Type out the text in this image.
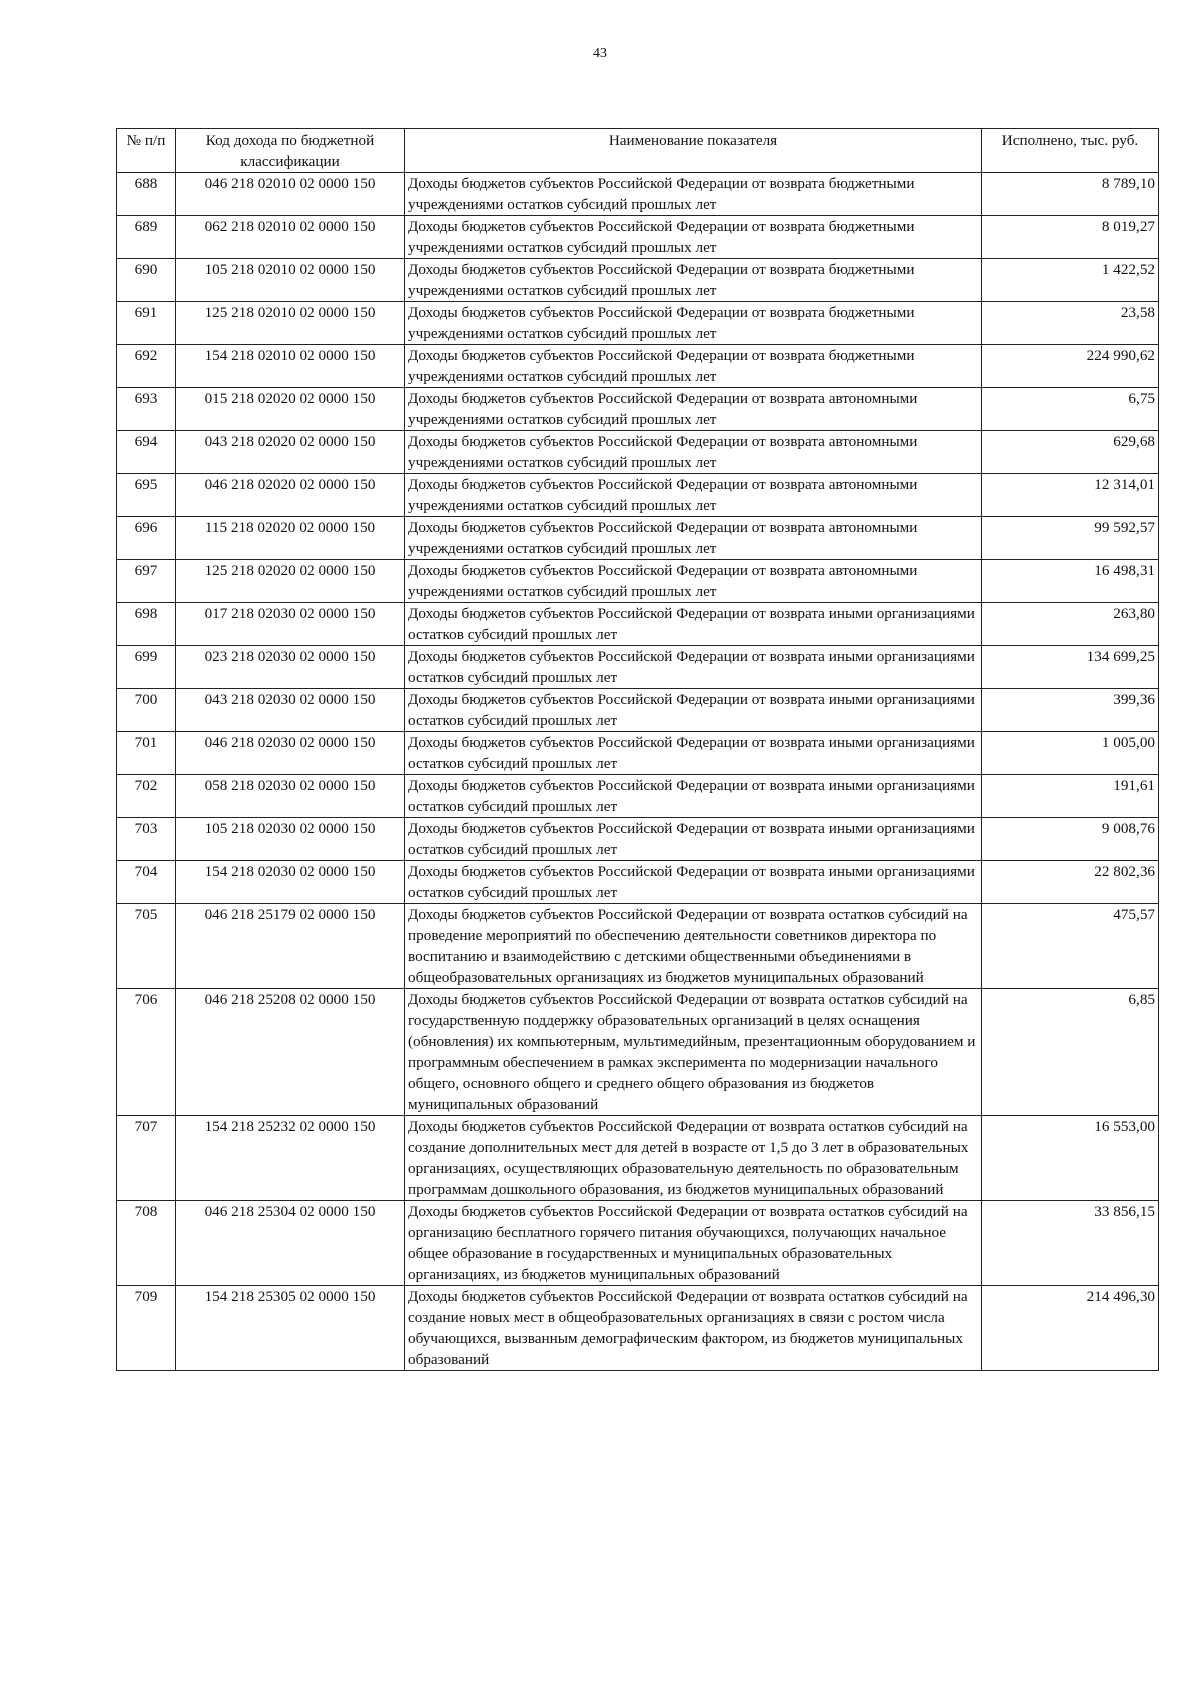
43
№ п/п	Код дохода по бюджетной классификации	Наименование показателя	Исполнено, тыс. руб.
688	046 218 02010 02 0000 150	Доходы бюджетов субъектов Российской Федерации от возврата бюджетными учреждениями остатков субсидий прошлых лет	8 789,10
689	062 218 02010 02 0000 150	Доходы бюджетов субъектов Российской Федерации от возврата бюджетными учреждениями остатков субсидий прошлых лет	8 019,27
690	105 218 02010 02 0000 150	Доходы бюджетов субъектов Российской Федерации от возврата бюджетными учреждениями остатков субсидий прошлых лет	1 422,52
691	125 218 02010 02 0000 150	Доходы бюджетов субъектов Российской Федерации от возврата бюджетными учреждениями остатков субсидий прошлых лет	23,58
692	154 218 02010 02 0000 150	Доходы бюджетов субъектов Российской Федерации от возврата бюджетными учреждениями остатков субсидий прошлых лет	224 990,62
693	015 218 02020 02 0000 150	Доходы бюджетов субъектов Российской Федерации от возврата автономными учреждениями остатков субсидий прошлых лет	6,75
694	043 218 02020 02 0000 150	Доходы бюджетов субъектов Российской Федерации от возврата автономными учреждениями остатков субсидий прошлых лет	629,68
695	046 218 02020 02 0000 150	Доходы бюджетов субъектов Российской Федерации от возврата автономными учреждениями остатков субсидий прошлых лет	12 314,01
696	115 218 02020 02 0000 150	Доходы бюджетов субъектов Российской Федерации от возврата автономными учреждениями остатков субсидий прошлых лет	99 592,57
697	125 218 02020 02 0000 150	Доходы бюджетов субъектов Российской Федерации от возврата автономными учреждениями остатков субсидий прошлых лет	16 498,31
698	017 218 02030 02 0000 150	Доходы бюджетов субъектов Российской Федерации от возврата иными организациями остатков субсидий прошлых лет	263,80
699	023 218 02030 02 0000 150	Доходы бюджетов субъектов Российской Федерации от возврата иными организациями остатков субсидий прошлых лет	134 699,25
700	043 218 02030 02 0000 150	Доходы бюджетов субъектов Российской Федерации от возврата иными организациями остатков субсидий прошлых лет	399,36
701	046 218 02030 02 0000 150	Доходы бюджетов субъектов Российской Федерации от возврата иными организациями остатков субсидий прошлых лет	1 005,00
702	058 218 02030 02 0000 150	Доходы бюджетов субъектов Российской Федерации от возврата иными организациями остатков субсидий прошлых лет	191,61
703	105 218 02030 02 0000 150	Доходы бюджетов субъектов Российской Федерации от возврата иными организациями остатков субсидий прошлых лет	9 008,76
704	154 218 02030 02 0000 150	Доходы бюджетов субъектов Российской Федерации от возврата иными организациями остатков субсидий прошлых лет	22 802,36
705	046 218 25179 02 0000 150	Доходы бюджетов субъектов Российской Федерации от возврата остатков субсидий на проведение мероприятий по обеспечению деятельности советников директора по воспитанию и взаимодействию с детскими общественными объединениями в общеобразовательных организациях из бюджетов муниципальных образований	475,57
706	046 218 25208 02 0000 150	Доходы бюджетов субъектов Российской Федерации от возврата остатков субсидий на государственную поддержку образовательных организаций в целях оснащения (обновления) их компьютерным, мультимедийным, презентационным оборудованием и программным обеспечением в рамках эксперимента по модернизации начального общего, основного общего и среднего общего образования из бюджетов муниципальных образований	6,85
707	154 218 25232 02 0000 150	Доходы бюджетов субъектов Российской Федерации от возврата остатков субсидий на создание дополнительных мест для детей в возрасте от 1,5 до 3 лет в образовательных организациях, осуществляющих образовательную деятельность по образовательным программам дошкольного образования, из бюджетов муниципальных образований	16 553,00
708	046 218 25304 02 0000 150	Доходы бюджетов субъектов Российской Федерации от возврата остатков субсидий на организацию бесплатного горячего питания обучающихся, получающих начальное общее образование в государственных и муниципальных образовательных организациях, из бюджетов муниципальных образований	33 856,15
709	154 218 25305 02 0000 150	Доходы бюджетов субъектов Российской Федерации от возврата остатков субсидий на создание новых мест в общеобразовательных организациях в связи с ростом числа обучающихся, вызванным демографическим фактором, из бюджетов муниципальных образований	214 496,30
